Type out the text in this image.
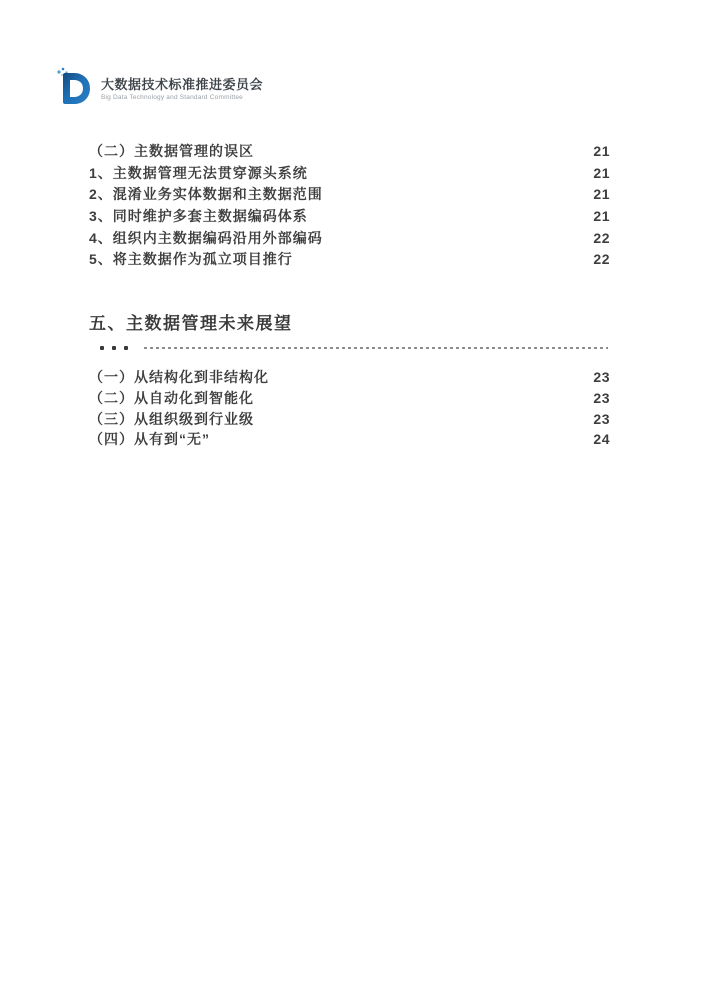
大数据技术标准推进委员会
Big Data Technology and Standard Committee
（二）主数据管理的误区	21
1、主数据管理无法贯穿源头系统	21
2、混淆业务实体数据和主数据范围	21
3、同时维护多套主数据编码体系	21
4、组织内主数据编码沿用外部编码	22
5、将主数据作为孤立项目推行	22
五、主数据管理未来展望
（一）从结构化到非结构化	23
（二）从自动化到智能化	23
（三）从组织级到行业级	23
（四）从有到“无”	24
